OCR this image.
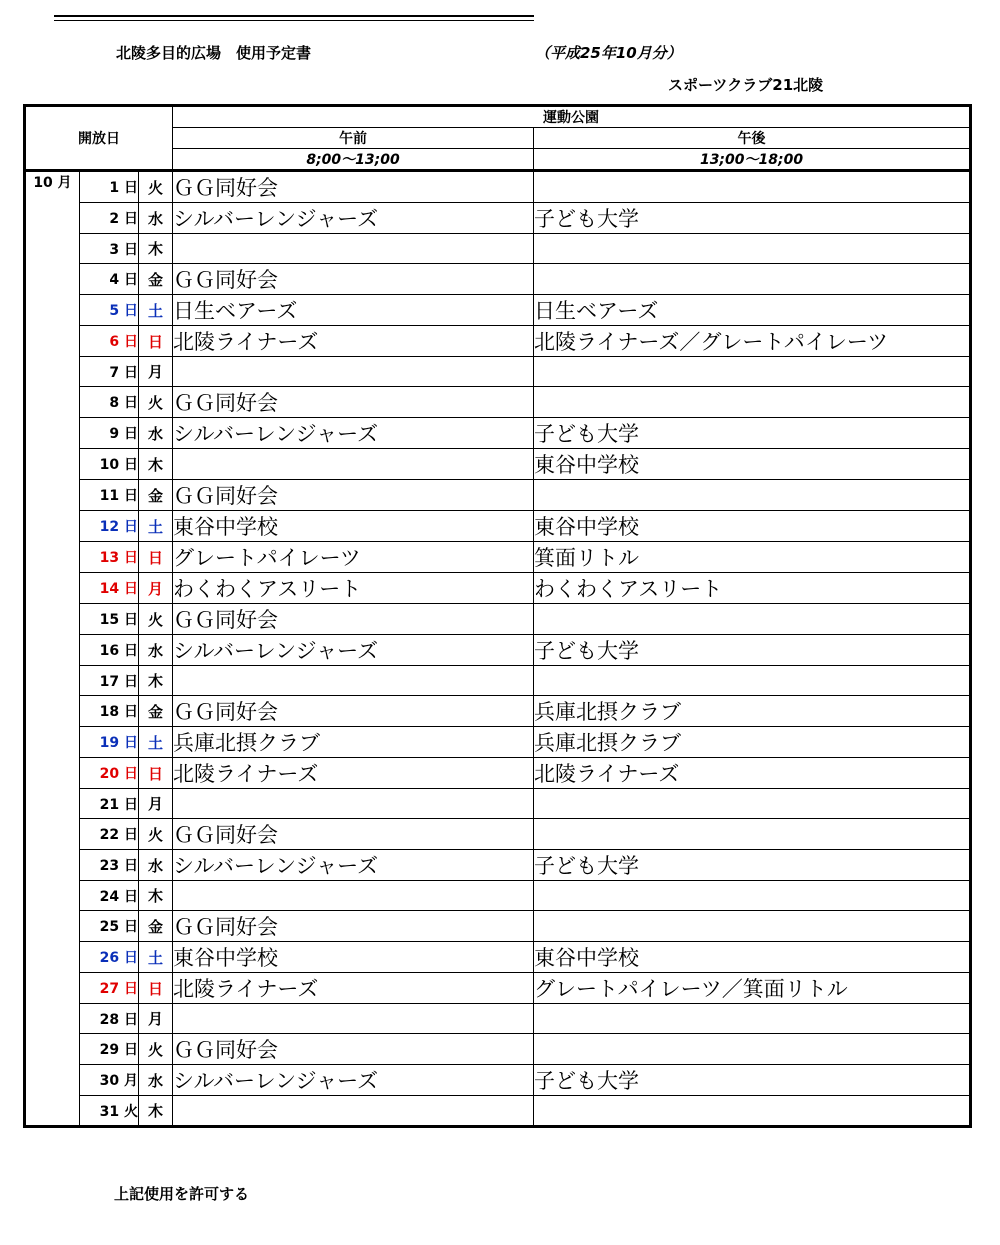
北陵多目的広場　使用予定書	（平成25年10月分）
スポーツクラブ21北陵
開放日			運動公園	
			午前	午後
			8;00～13;00	13;00～18;00
10 月	1 日	火	ＧＧ同好会	
	2 日	水	シルバーレンジャーズ	子ども大学
	3 日	木		
	4 日	金	ＧＧ同好会	
	5 日	土	日生ベアーズ	日生ベアーズ
	6 日	日	北陵ライナーズ	北陵ライナーズ／グレートパイレーツ
	7 日	月		
	8 日	火	ＧＧ同好会	
	9 日	水	シルバーレンジャーズ	子ども大学
	10 日	木		東谷中学校
	11 日	金	ＧＧ同好会	
	12 日	土	東谷中学校	東谷中学校
	13 日	日	グレートパイレーツ	箕面リトル
	14 日	月	わくわくアスリート	わくわくアスリート
	15 日	火	ＧＧ同好会	
	16 日	水	シルバーレンジャーズ	子ども大学
	17 日	木		
	18 日	金	ＧＧ同好会	兵庫北摂クラブ
	19 日	土	兵庫北摂クラブ	兵庫北摂クラブ
	20 日	日	北陵ライナーズ	北陵ライナーズ
	21 日	月		
	22 日	火	ＧＧ同好会	
	23 日	水	シルバーレンジャーズ	子ども大学
	24 日	木		
	25 日	金	ＧＧ同好会	
	26 日	土	東谷中学校	東谷中学校
	27 日	日	北陵ライナーズ	グレートパイレーツ／箕面リトル
	28 日	月		
	29 日	火	ＧＧ同好会	
	30 月	水	シルバーレンジャーズ	子ども大学
	31 火	木		
上記使用を許可する
